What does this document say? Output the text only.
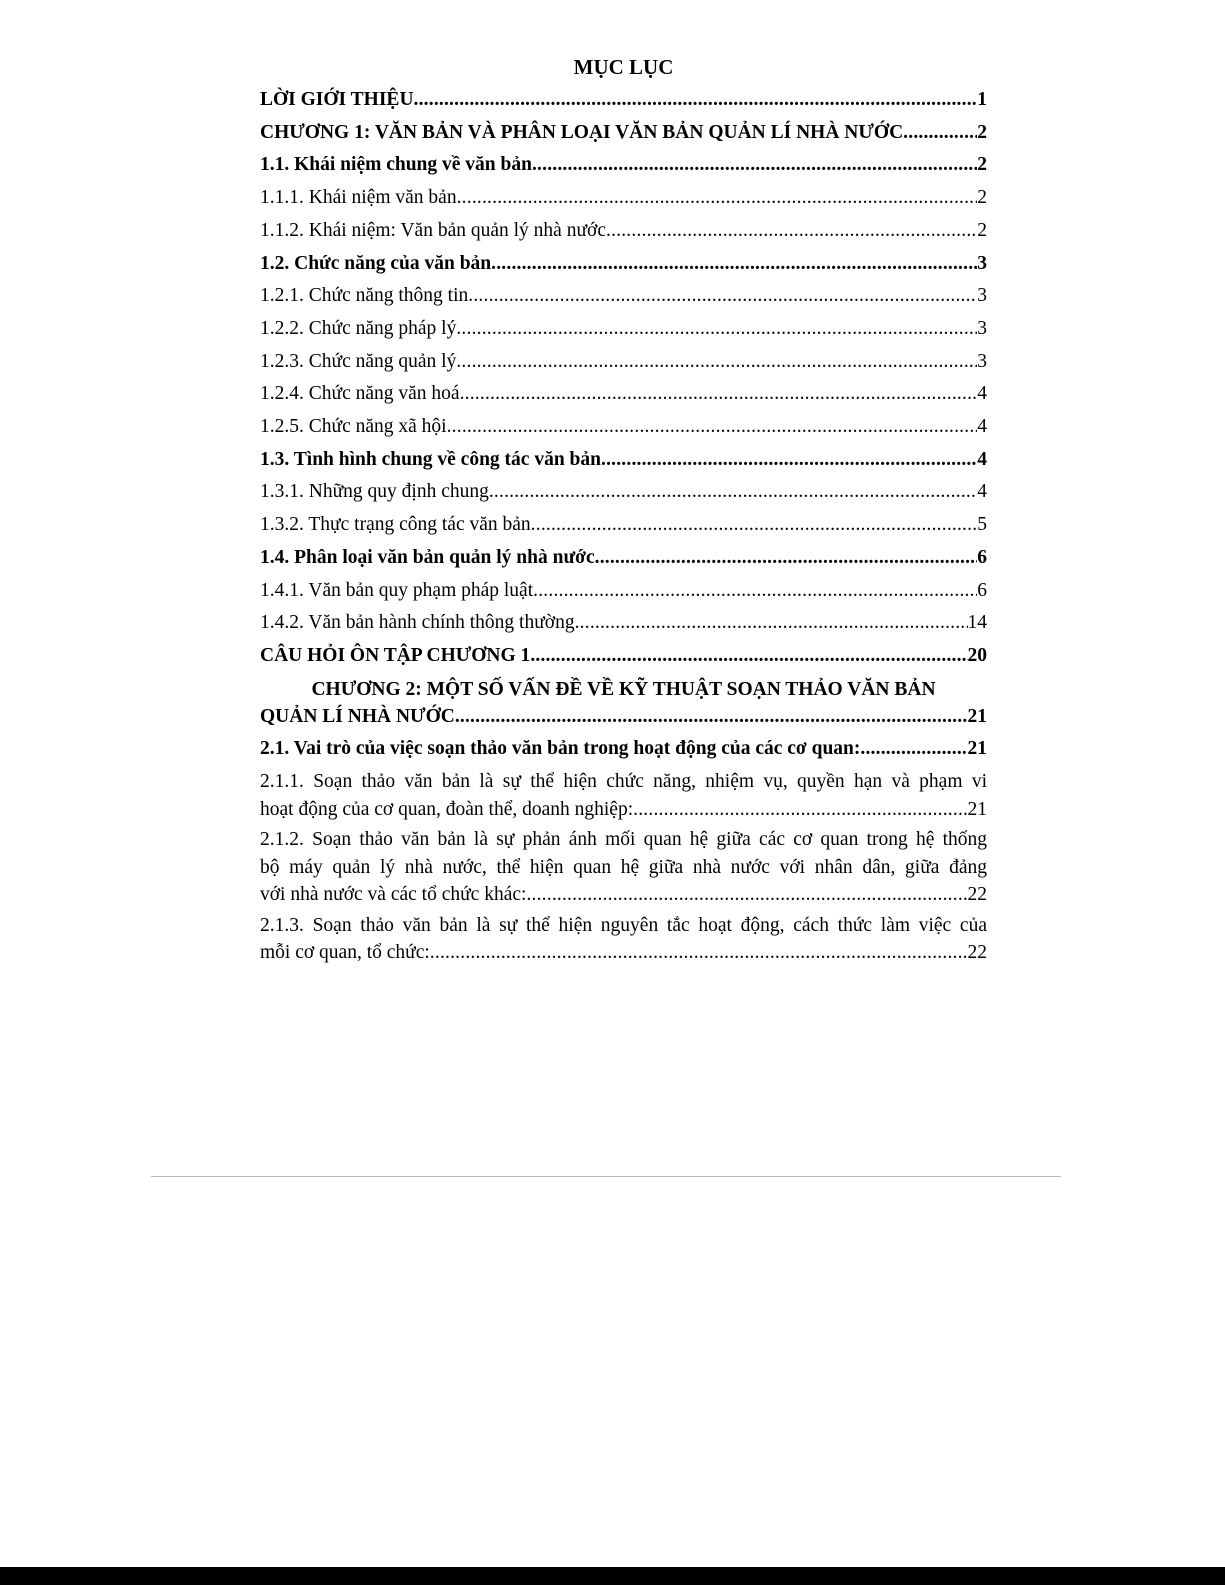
MỤC LỤC
LỜI GIỚI THIỆU .....	1
CHƯƠNG 1: VĂN BẢN VÀ PHÂN LOẠI VĂN BẢN QUẢN LÍ NHÀ NƯỚC .....	2
1.1. Khái niệm chung về văn bản .....	2
1.1.1. Khái niệm văn bản .....	2
1.1.2. Khái niệm: Văn bản quản lý nhà nước .....	2
1.2. Chức năng của văn bản .....	3
1.2.1. Chức năng thông tin .....	3
1.2.2. Chức năng pháp lý .....	3
1.2.3. Chức năng quản lý .....	3
1.2.4. Chức năng văn hoá .....	4
1.2.5. Chức năng xã hội .....	4
1.3. Tình hình chung về công tác văn bản .....	4
1.3.1. Những quy định chung .....	4
1.3.2. Thực trạng công tác văn bản .....	5
1.4. Phân loại văn bản quản lý nhà nước .....	6
1.4.1. Văn bản quy phạm pháp luật .....	6
1.4.2. Văn bản hành chính thông thường .....	14
CÂU HỎI ÔN TẬP CHƯƠNG 1 .....	20
CHƯƠNG 2: MỘT SỐ VẤN ĐỀ VỀ KỸ THUẬT SOẠN THẢO VĂN BẢN
QUẢN LÍ NHÀ NƯỚC .....	21
2.1. Vai trò của việc soạn thảo văn bản trong hoạt động của các cơ quan: .....	21
2.1.1. Soạn thảo văn bản là sự thể hiện chức năng, nhiệm vụ, quyền hạn và phạm vi
hoạt động của cơ quan, đoàn thể, doanh nghiệp: .....	21
2.1.2. Soạn thảo văn bản là sự phản ánh mối quan hệ giữa các cơ quan trong hệ thống
bộ máy quản lý nhà nước, thể hiện quan hệ giữa nhà nước với nhân dân, giữa đảng
với nhà nước và các tổ chức khác: .....	22
2.1.3. Soạn thảo văn bản là sự thể hiện nguyên tắc hoạt động, cách thức làm việc của
mỗi cơ quan, tổ chức: .....	22
